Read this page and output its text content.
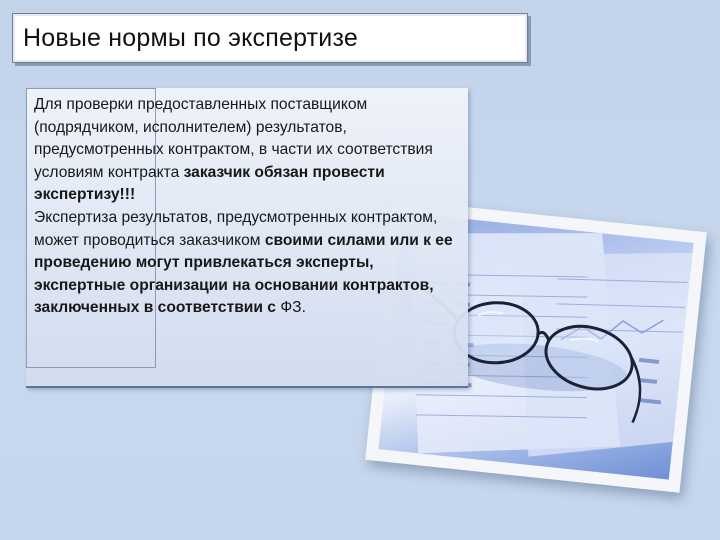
Новые нормы по экспертизе
Для проверки предоставленных поставщиком (подрядчиком, исполнителем) результатов, предусмотренных контрактом, в части их соответствия условиям контракта заказчик обязан провести экспертизу!!!
Экспертиза результатов, предусмотренных контрактом, может проводиться заказчиком своими силами или к ее проведению могут привлекаться эксперты, экспертные организации на основании контрактов, заключенных в соответствии с ФЗ.
